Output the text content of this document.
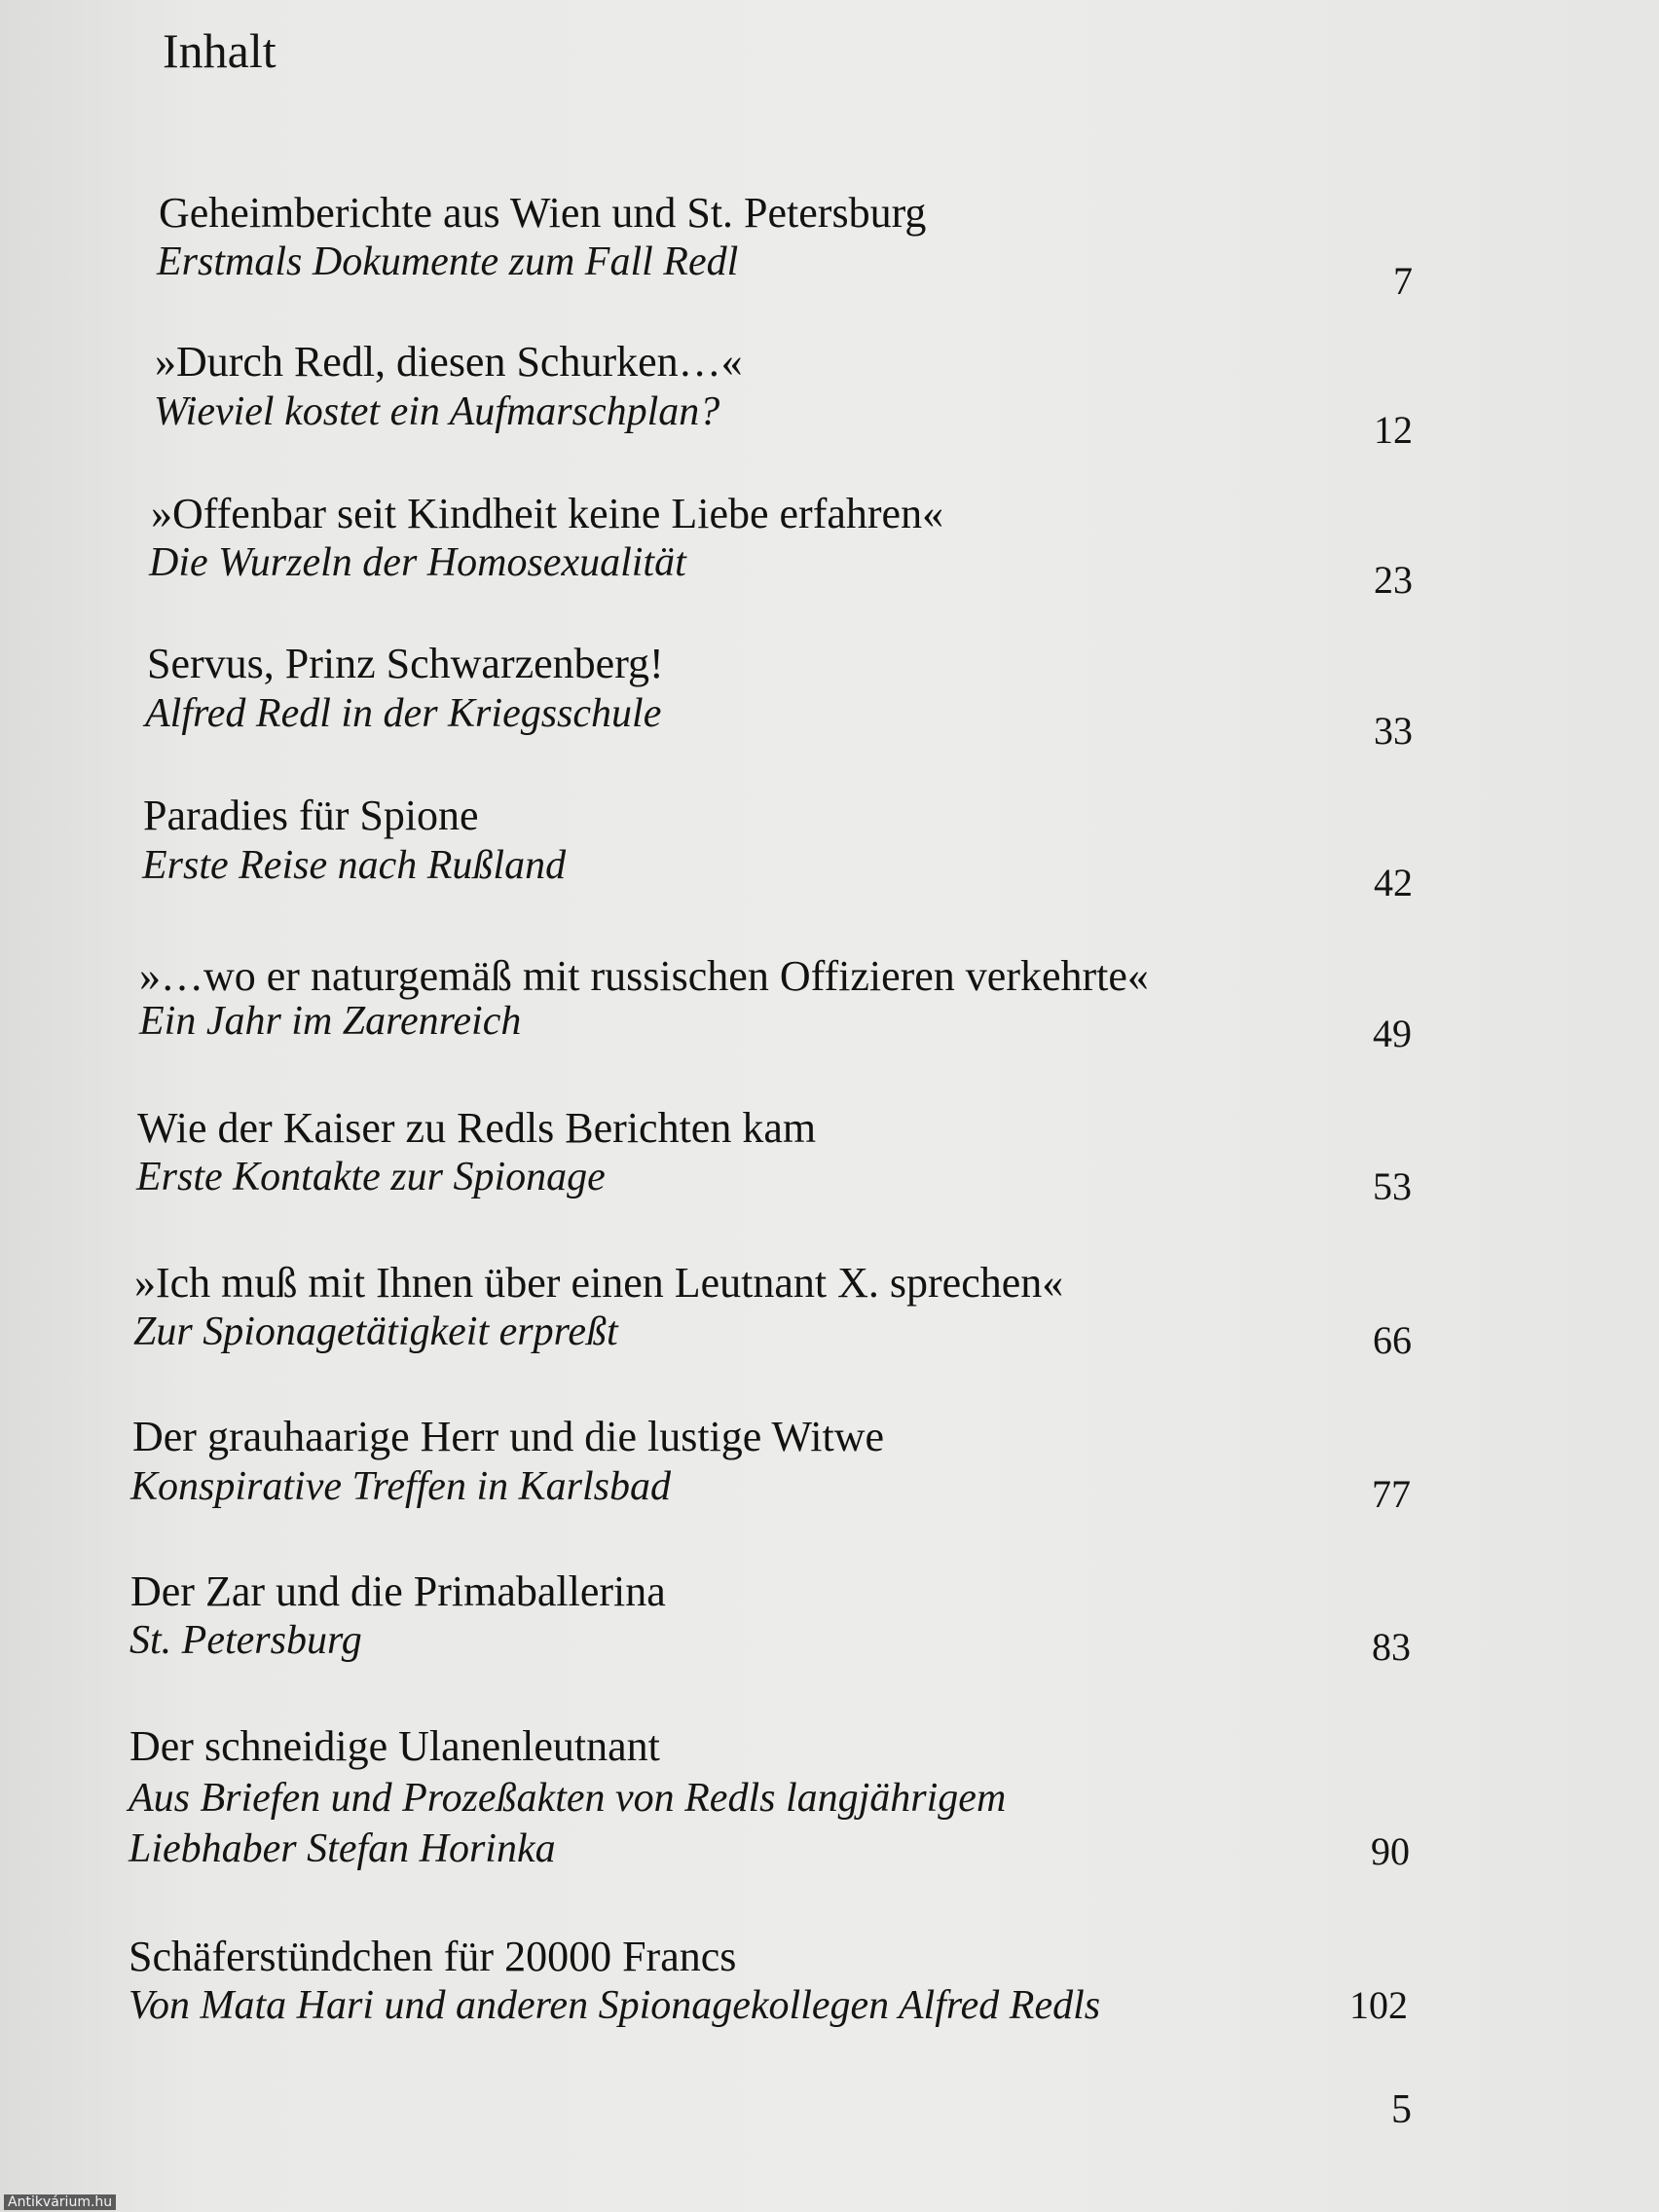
Inhalt
Geheimberichte aus Wien und St. Petersburg
Erstmals Dokumente zum Fall Redl	7
»Durch Redl, diesen Schurken…«
Wieviel kostet ein Aufmarschplan?	12
»Offenbar seit Kindheit keine Liebe erfahren«
Die Wurzeln der Homosexualität	23
Servus, Prinz Schwarzenberg!
Alfred Redl in der Kriegsschule	33
Paradies für Spione
Erste Reise nach Rußland	42
»…wo er naturgemäß mit russischen Offizieren verkehrte«
Ein Jahr im Zarenreich	49
Wie der Kaiser zu Redls Berichten kam
Erste Kontakte zur Spionage	53
»Ich muß mit Ihnen über einen Leutnant X. sprechen«
Zur Spionagetätigkeit erpreßt	66
Der grauhaarige Herr und die lustige Witwe
Konspirative Treffen in Karlsbad	77
Der Zar und die Primaballerina
St. Petersburg	83
Der schneidige Ulanenleutnant
Aus Briefen und Prozeßakten von Redls langjährigem
Liebhaber Stefan Horinka	90
Schäferstündchen für 20000 Francs
Von Mata Hari und anderen Spionagekollegen Alfred Redls	102
5
Antikvárium.hu
